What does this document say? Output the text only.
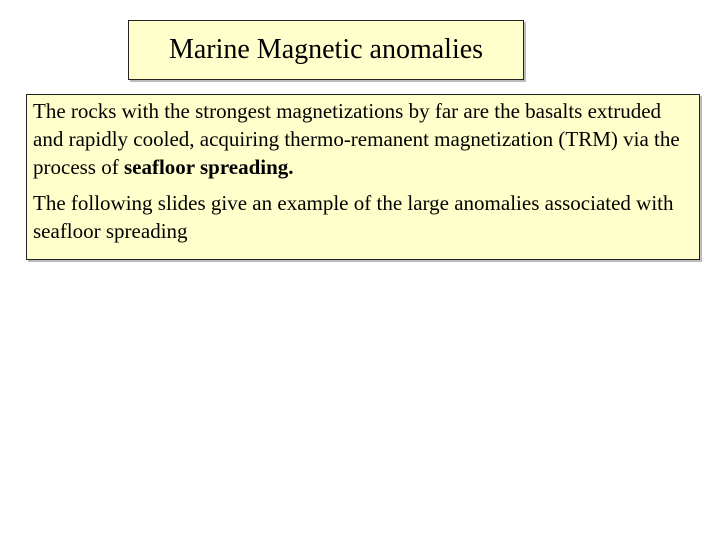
Marine Magnetic anomalies

The rocks with the strongest magnetizations by far are the basalts extruded and rapidly cooled, acquiring thermo-remanent magnetization (TRM) via the process of seafloor spreading.

The following slides give an example of the large anomalies associated with seafloor spreading
